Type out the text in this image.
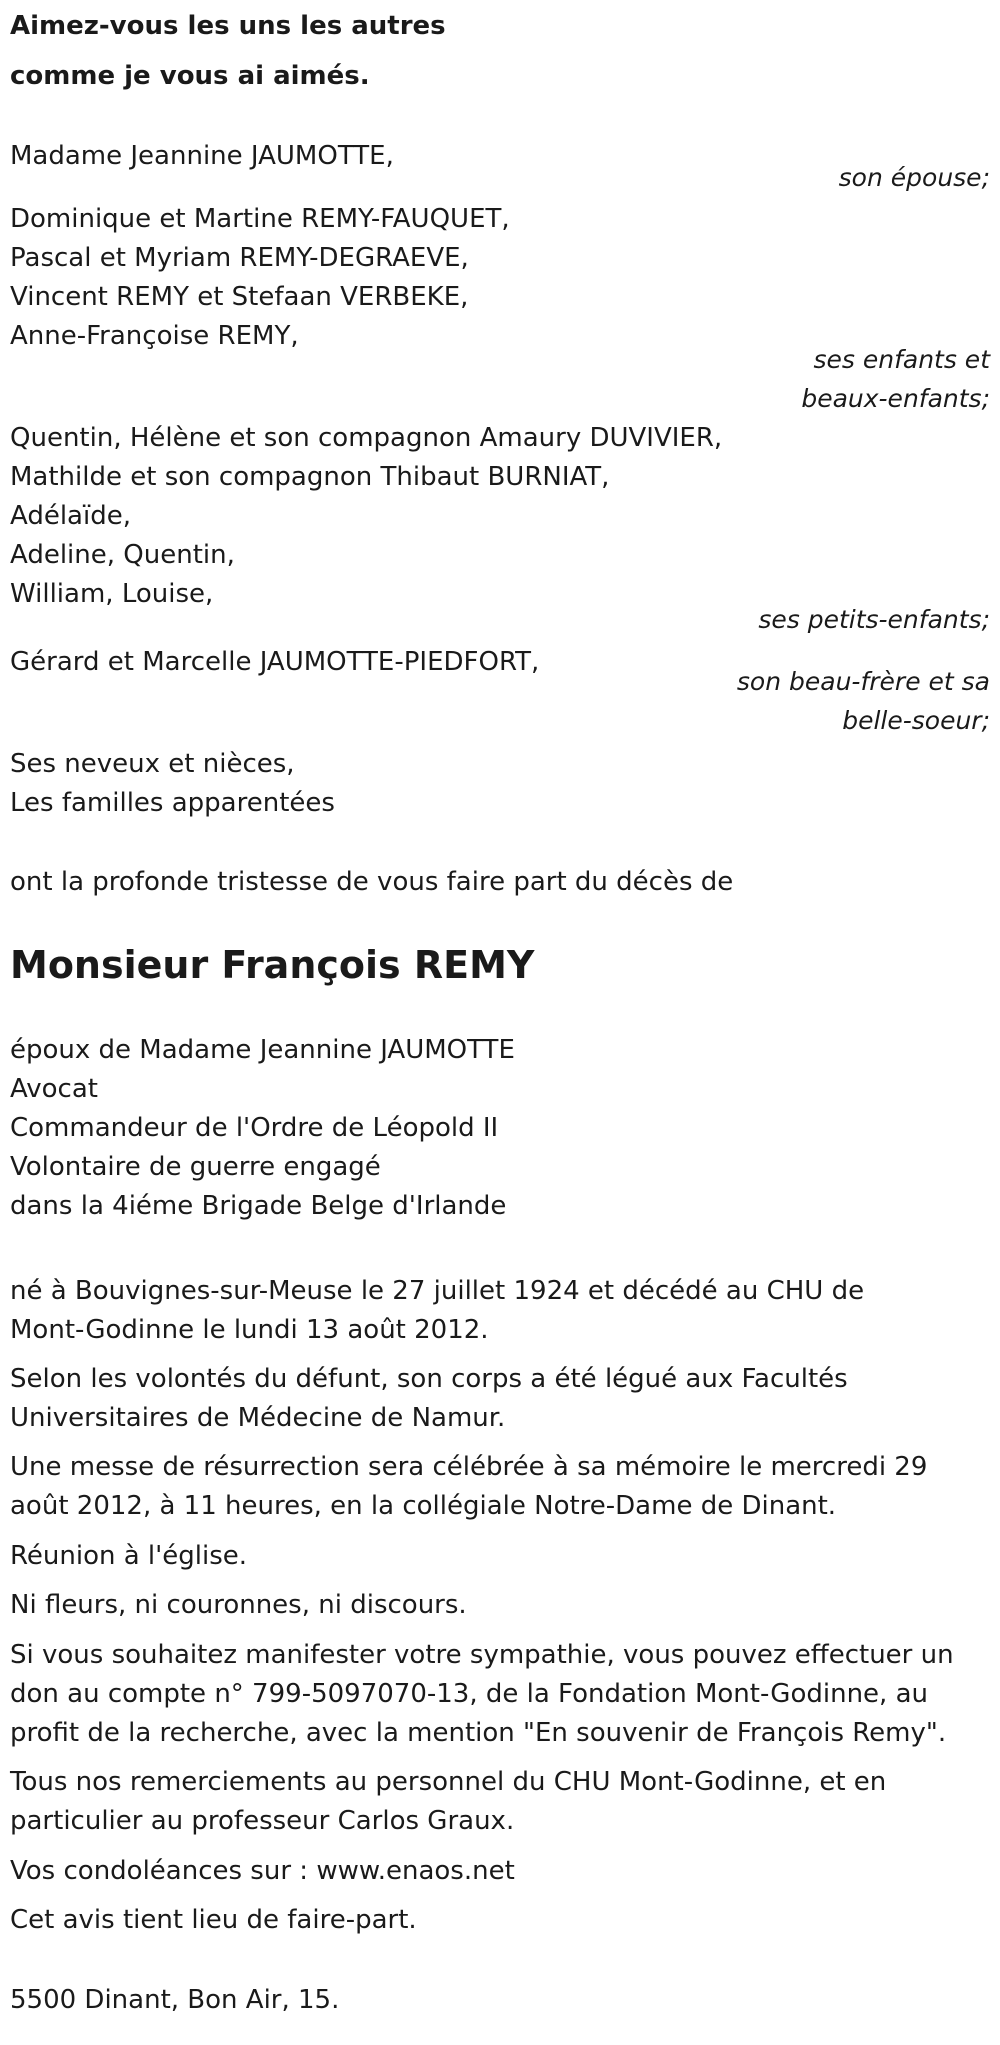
Aimez-vous les uns les autres
comme je vous ai aimés.
Madame Jeannine JAUMOTTE,
son épouse;
Dominique et Martine REMY-FAUQUET,
Pascal et Myriam REMY-DEGRAEVE,
Vincent REMY et Stefaan VERBEKE,
Anne-Françoise REMY,
ses enfants et
beaux-enfants;
Quentin, Hélène et son compagnon Amaury DUVIVIER,
Mathilde et son compagnon Thibaut BURNIAT,
Adélaïde,
Adeline, Quentin,
William, Louise,
ses petits-enfants;
Gérard et Marcelle JAUMOTTE-PIEDFORT,
son beau-frère et sa
belle-soeur;
Ses neveux et nièces,
Les familles apparentées
ont la profonde tristesse de vous faire part du décès de
Monsieur François REMY
époux de Madame Jeannine JAUMOTTE
Avocat
Commandeur de l'Ordre de Léopold II
Volontaire de guerre engagé
dans la 4iéme Brigade Belge d'Irlande
né à Bouvignes-sur-Meuse le 27 juillet 1924 et décédé au CHU de
Mont-Godinne le lundi 13 août 2012.
Selon les volontés du défunt, son corps a été légué aux Facultés
Universitaires de Médecine de Namur.
Une messe de résurrection sera célébrée à sa mémoire le mercredi 29
août 2012, à 11 heures, en la collégiale Notre-Dame de Dinant.
Réunion à l'église.
Ni fleurs, ni couronnes, ni discours.
Si vous souhaitez manifester votre sympathie, vous pouvez effectuer un
don au compte n° 799-5097070-13, de la Fondation Mont-Godinne, au
profit de la recherche, avec la mention "En souvenir de François Remy".
Tous nos remerciements au personnel du CHU Mont-Godinne, et en
particulier au professeur Carlos Graux.
Vos condoléances sur : www.enaos.net
Cet avis tient lieu de faire-part.
5500 Dinant, Bon Air, 15.
